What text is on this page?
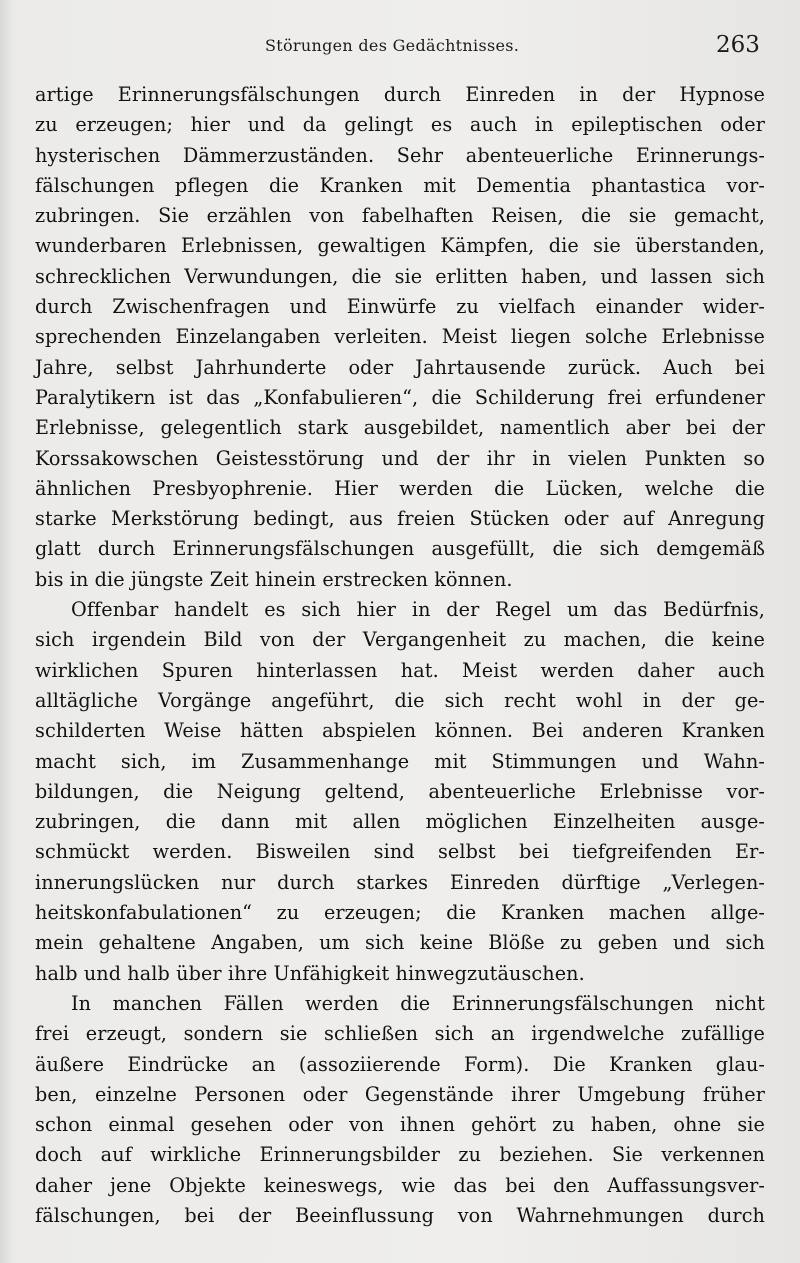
Störungen des Gedächtnisses.	263
artige Erinnerungsfälschungen durch Einreden in der Hypnose
zu erzeugen; hier und da gelingt es auch in epileptischen oder
hysterischen Dämmerzuständen. Sehr abenteuerliche Erinnerungs-
fälschungen pflegen die Kranken mit Dementia phantastica vor-
zubringen. Sie erzählen von fabelhaften Reisen, die sie gemacht,
wunderbaren Erlebnissen, gewaltigen Kämpfen, die sie überstanden,
schrecklichen Verwundungen, die sie erlitten haben, und lassen sich
durch Zwischenfragen und Einwürfe zu vielfach einander wider-
sprechenden Einzelangaben verleiten. Meist liegen solche Erlebnisse
Jahre, selbst Jahrhunderte oder Jahrtausende zurück. Auch bei
Paralytikern ist das „Konfabulieren“, die Schilderung frei erfundener
Erlebnisse, gelegentlich stark ausgebildet, namentlich aber bei der
Korssakowschen Geistesstörung und der ihr in vielen Punkten so
ähnlichen Presbyophrenie. Hier werden die Lücken, welche die
starke Merkstörung bedingt, aus freien Stücken oder auf Anregung
glatt durch Erinnerungsfälschungen ausgefüllt, die sich demgemäß
bis in die jüngste Zeit hinein erstrecken können.
Offenbar handelt es sich hier in der Regel um das Bedürfnis,
sich irgendein Bild von der Vergangenheit zu machen, die keine
wirklichen Spuren hinterlassen hat. Meist werden daher auch
alltägliche Vorgänge angeführt, die sich recht wohl in der ge-
schilderten Weise hätten abspielen können. Bei anderen Kranken
macht sich, im Zusammenhange mit Stimmungen und Wahn-
bildungen, die Neigung geltend, abenteuerliche Erlebnisse vor-
zubringen, die dann mit allen möglichen Einzelheiten ausge-
schmückt werden. Bisweilen sind selbst bei tiefgreifenden Er-
innerungslücken nur durch starkes Einreden dürftige „Verlegen-
heitskonfabulationen“ zu erzeugen; die Kranken machen allge-
mein gehaltene Angaben, um sich keine Blöße zu geben und sich
halb und halb über ihre Unfähigkeit hinwegzutäuschen.
In manchen Fällen werden die Erinnerungsfälschungen nicht
frei erzeugt, sondern sie schließen sich an irgendwelche zufällige
äußere Eindrücke an (assoziierende Form). Die Kranken glau-
ben, einzelne Personen oder Gegenstände ihrer Umgebung früher
schon einmal gesehen oder von ihnen gehört zu haben, ohne sie
doch auf wirkliche Erinnerungsbilder zu beziehen. Sie verkennen
daher jene Objekte keineswegs, wie das bei den Auffassungsver-
fälschungen, bei der Beeinflussung von Wahrnehmungen durch
